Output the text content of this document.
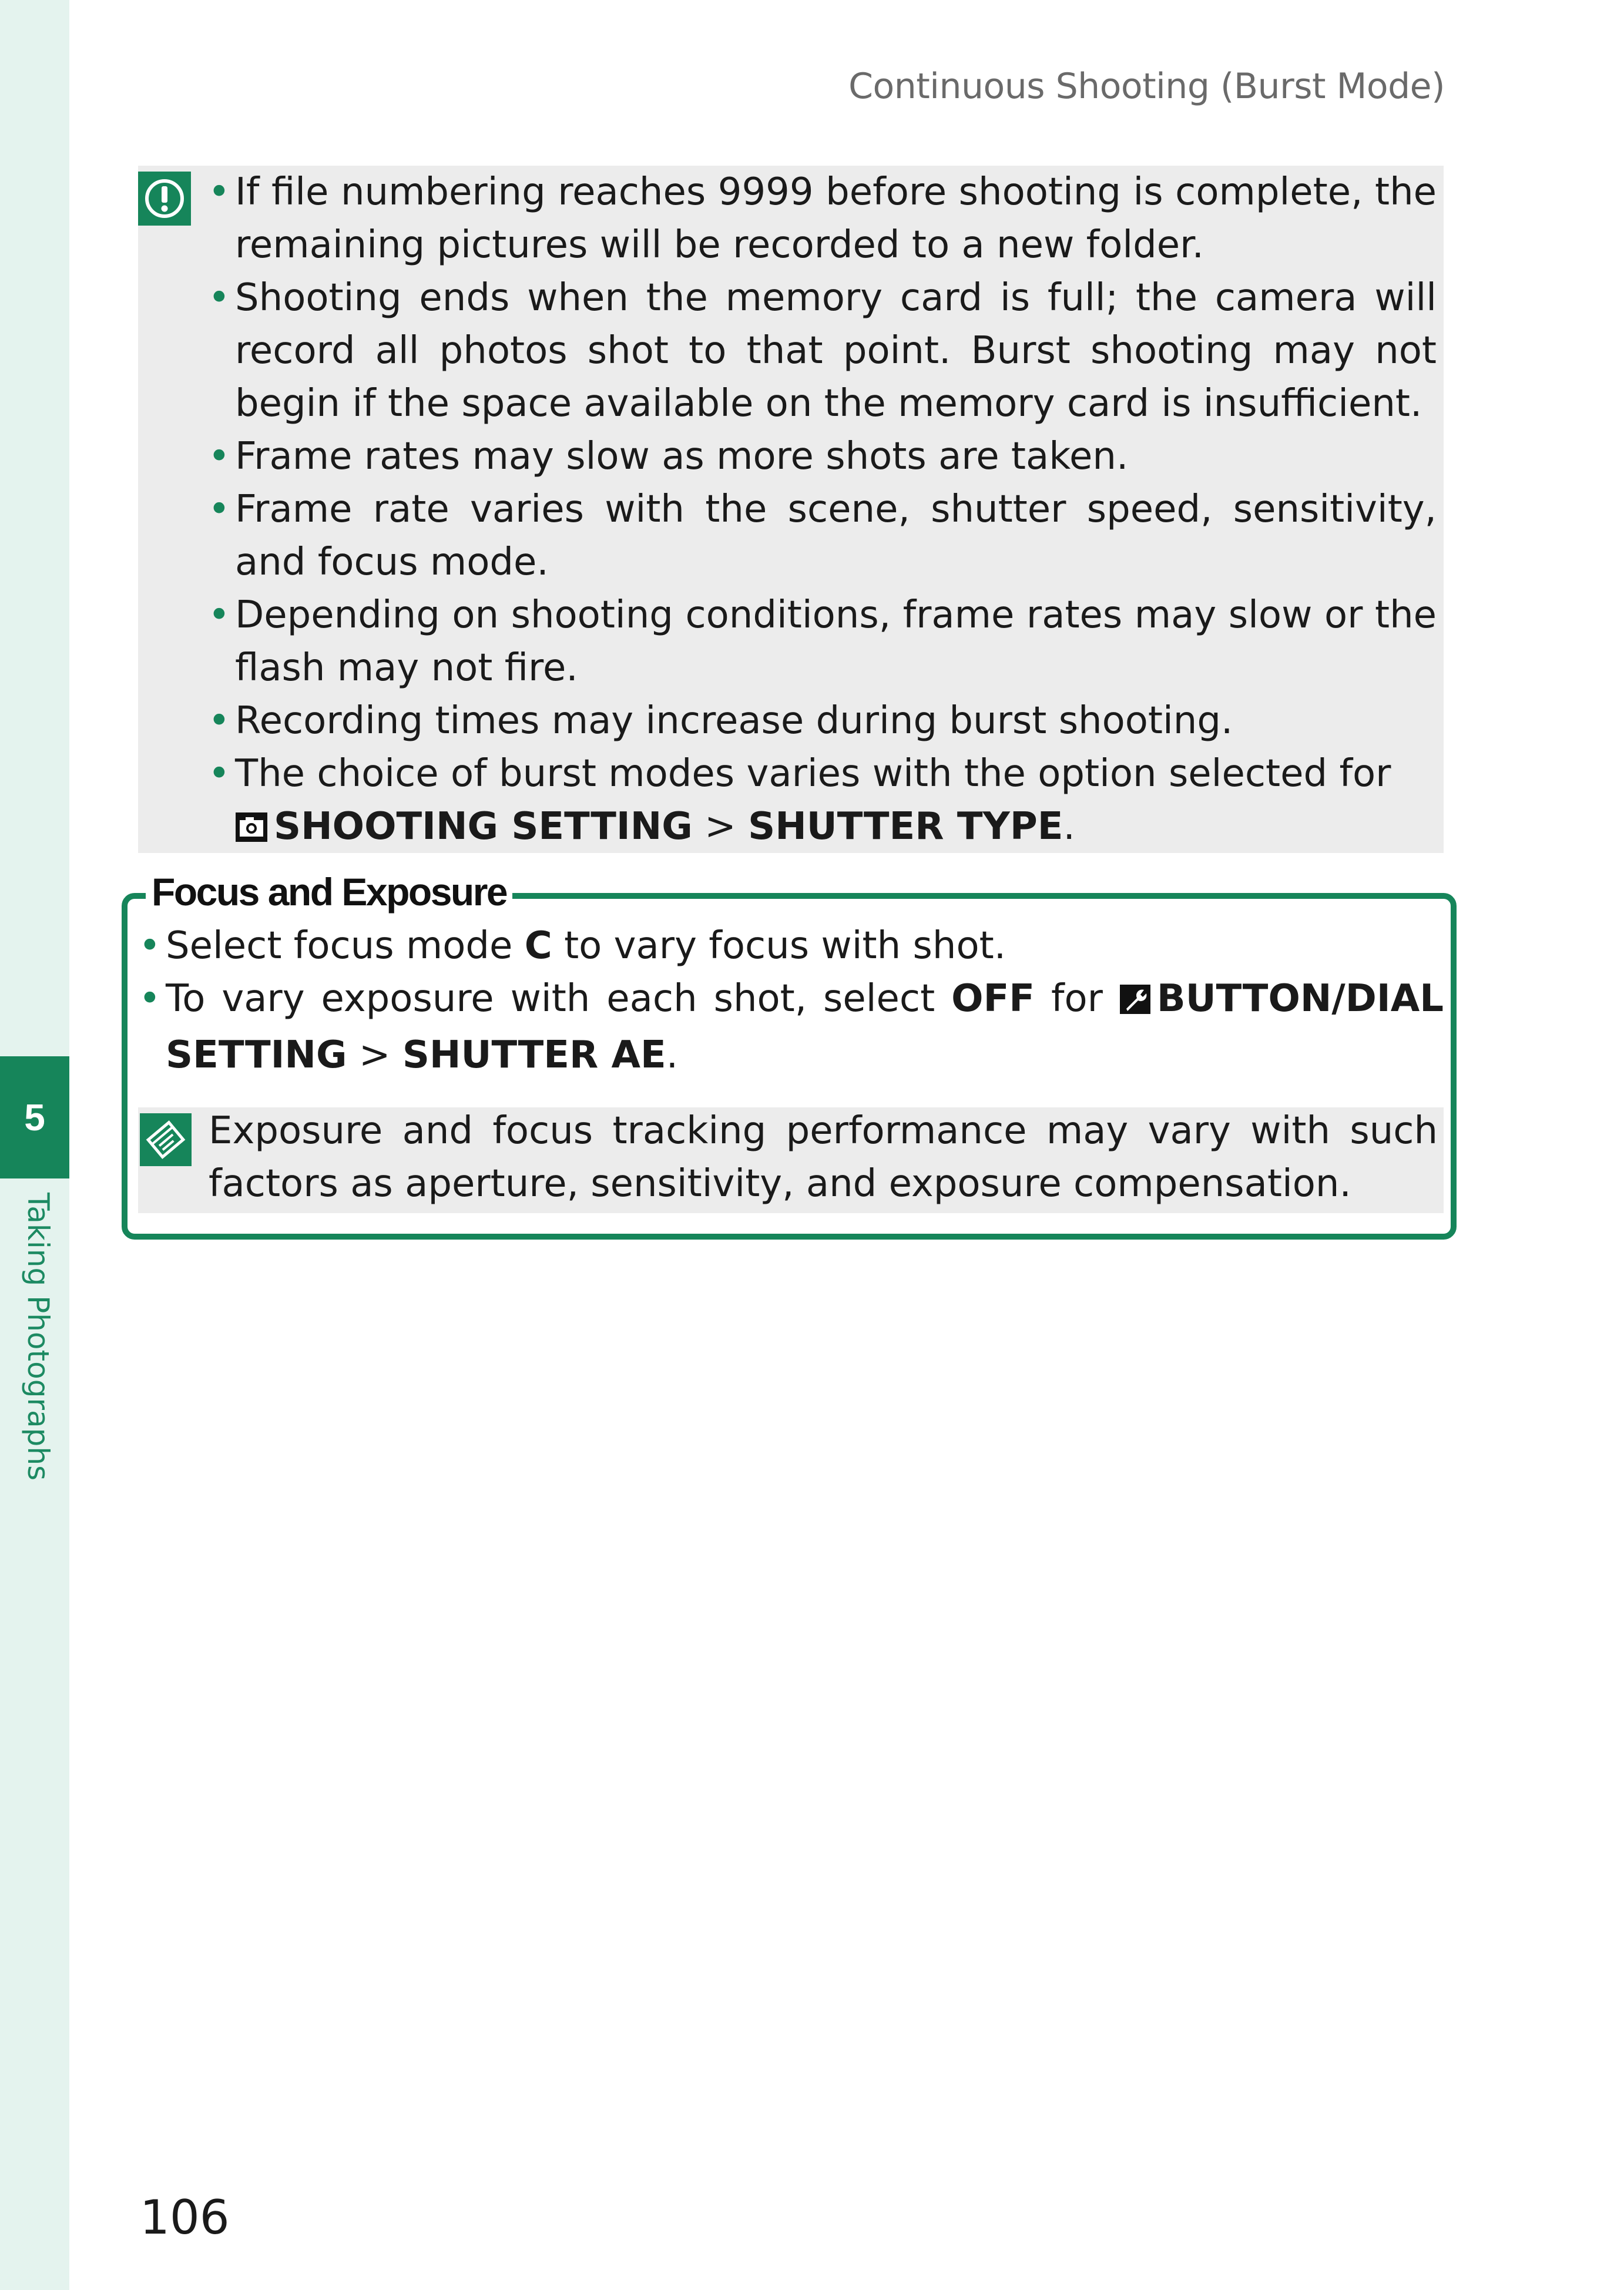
5
Taking Photographs
Continuous Shooting (Burst Mode)
• If file numbering reaches 9999 before shooting is complete, the remaining pictures will be recorded to a new folder.
• Shooting ends when the memory card is full; the camera will record all photos shot to that point. Burst shooting may not begin if the space available on the memory card is insufficient.
• Frame rates may slow as more shots are taken.
• Frame rate varies with the scene, shutter speed, sensitivity, and focus mode.
• Depending on shooting conditions, frame rates may slow or the flash may not fire.
• Recording times may increase during burst shooting.
• The choice of burst modes varies with the option selected for
SHOOTING SETTING > SHUTTER TYPE.
Focus and Exposure
• Select focus mode C to vary focus with shot.
• To vary exposure with each shot, select OFF for BUTTON/DIAL SETTING > SHUTTER AE.
Exposure and focus tracking performance may vary with such factors as aperture, sensitivity, and exposure compensation.
106
